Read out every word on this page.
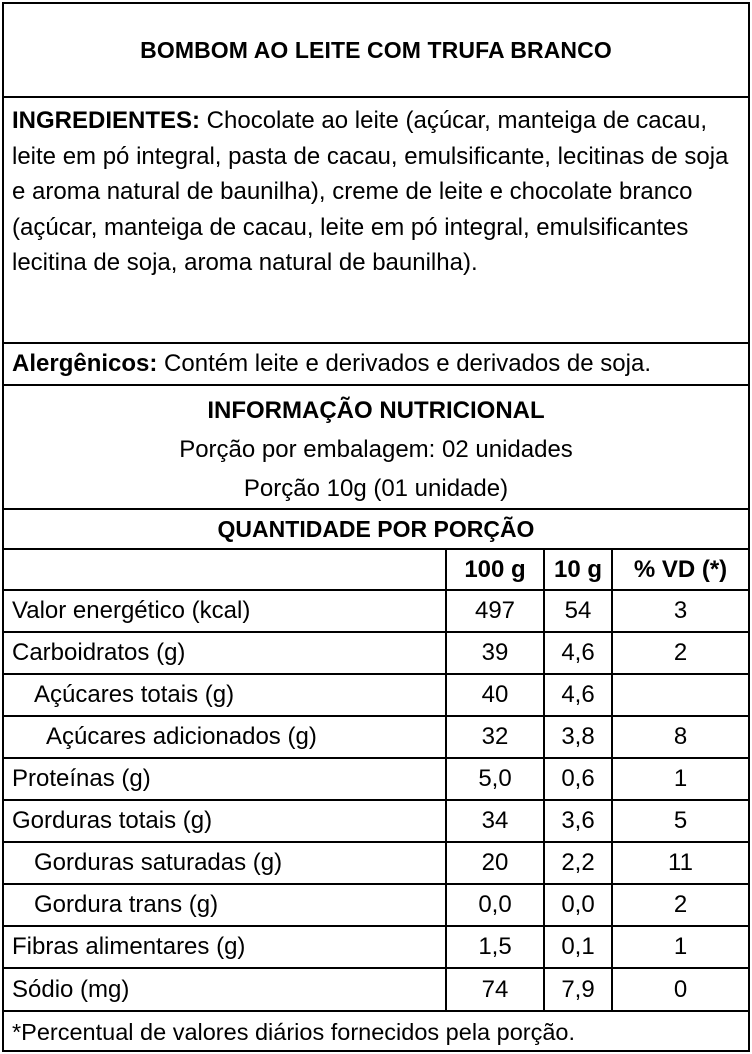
BOMBOM AO LEITE COM TRUFA BRANCO
INGREDIENTES: Chocolate ao leite (açúcar, manteiga de cacau, leite em pó integral, pasta de cacau, emulsificante, lecitinas de soja e aroma natural de baunilha), creme de leite e chocolate branco (açúcar, manteiga de cacau, leite em pó integral, emulsificantes lecitina de soja, aroma natural de baunilha).
Alergênicos: Contém leite e derivados e derivados de soja.
INFORMAÇÃO NUTRICIONAL
Porção por embalagem: 02 unidades
Porção 10g (01 unidade)
QUANTIDADE POR PORÇÃO
	100 g	10 g	% VD (*)
Valor energético (kcal)	497	54	3
Carboidratos (g)	39	4,6	2
Açúcares totais (g)	40	4,6	
Açúcares adicionados (g)	32	3,8	8
Proteínas (g)	5,0	0,6	1
Gorduras totais (g)	34	3,6	5
Gorduras saturadas (g)	20	2,2	11
Gordura trans (g)	0,0	0,0	2
Fibras alimentares (g)	1,5	0,1	1
Sódio (mg)	74	7,9	0
*Percentual de valores diários fornecidos pela porção.
